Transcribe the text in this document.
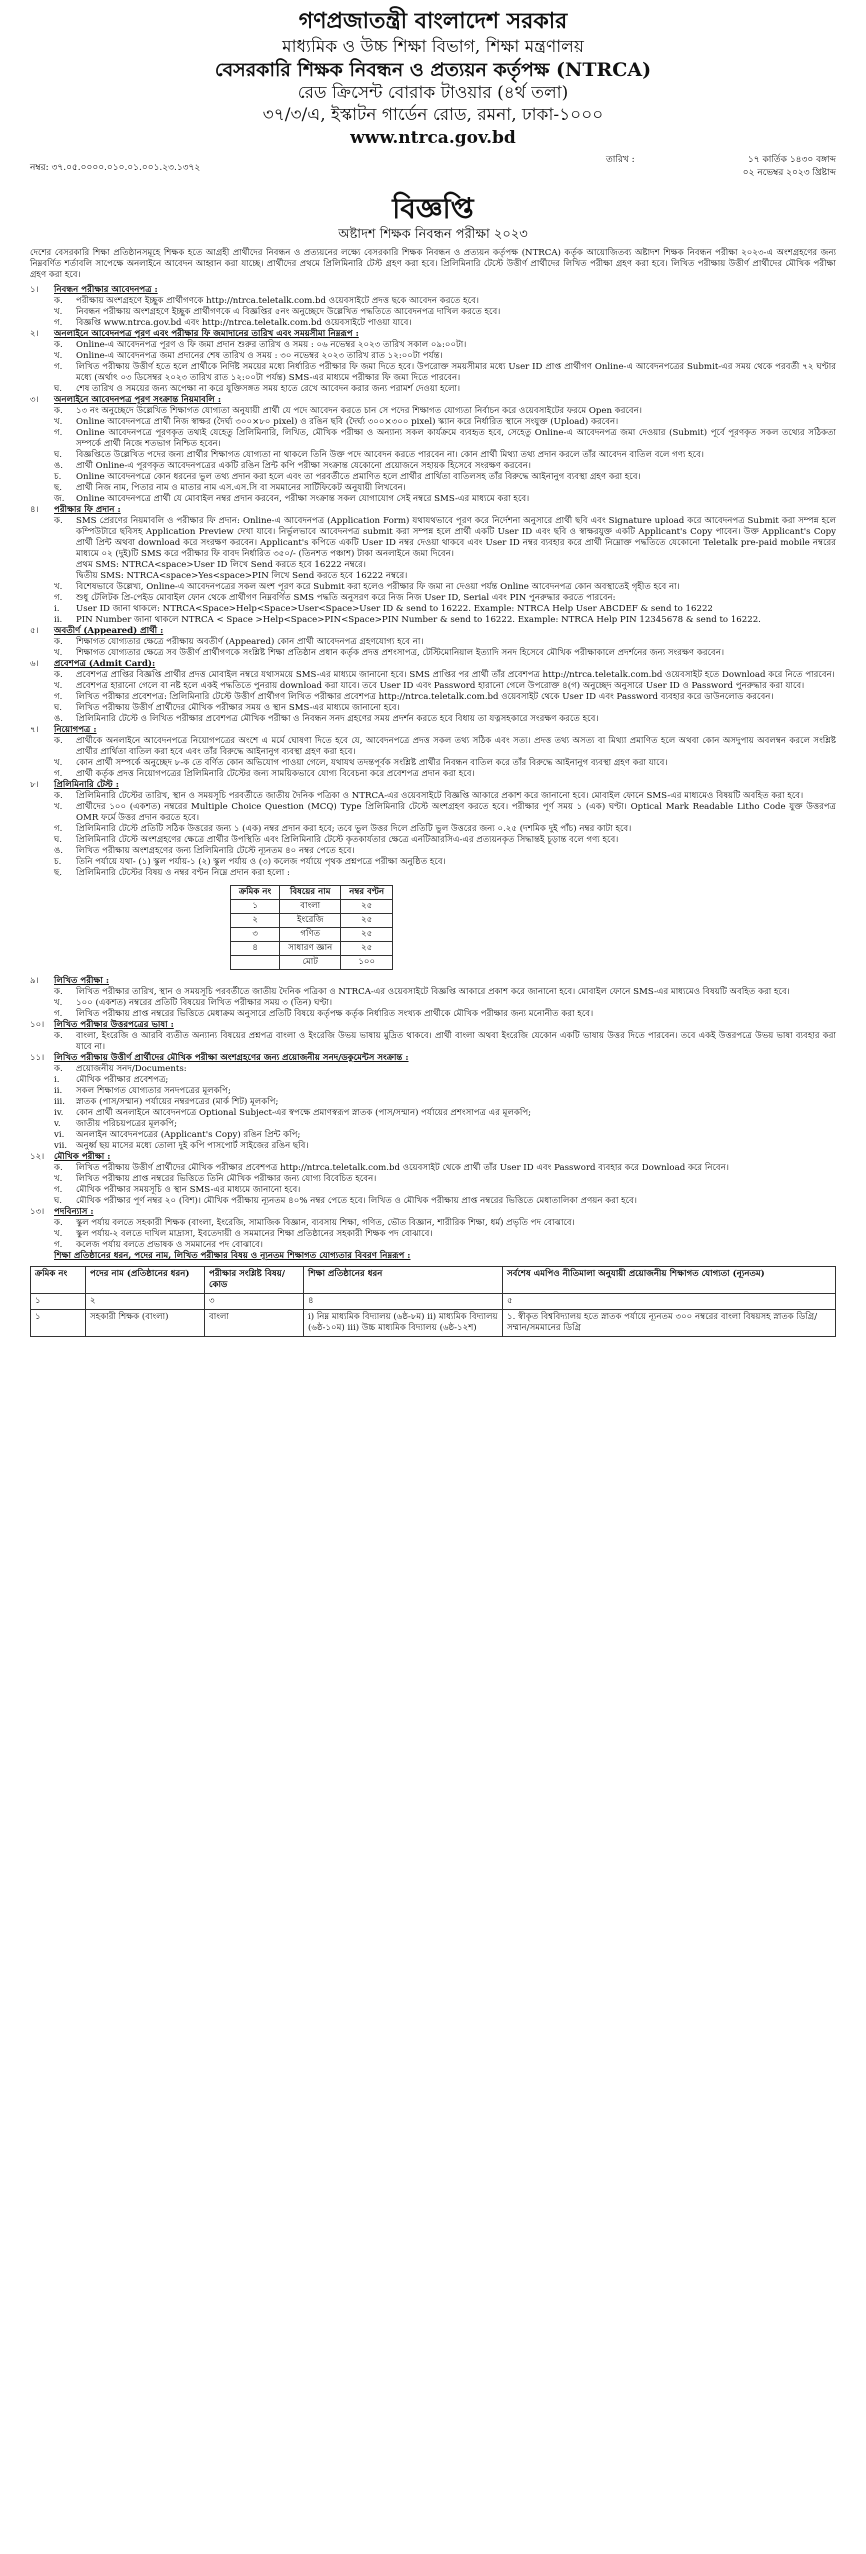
গণপ্রজাতন্ত্রী বাংলাদেশ সরকার
মাধ্যমিক ও উচ্চ শিক্ষা বিভাগ, শিক্ষা মন্ত্রণালয়
বেসরকারি শিক্ষক নিবন্ধন ও প্রত্যয়ন কর্তৃপক্ষ (NTRCA)
রেড ক্রিসেন্ট বোরাক টাওয়ার (৪র্থ তলা)
৩৭/৩/এ, ইস্কাটন গার্ডেন রোড, রমনা, ঢাকা-১০০০
www.ntrca.gov.bd
নম্বর: ৩৭.০৫.০০০০.০১০.০১.০০১.২৩.১৩৭২
তারিখ :	১৭ কার্তিক ১৪৩০ বঙ্গাব্দ
০২ নভেম্বর ২০২৩ খ্রিষ্টাব্দ
বিজ্ঞপ্তি
অষ্টাদশ শিক্ষক নিবন্ধন পরীক্ষা ২০২৩
দেশের বেসরকারি শিক্ষা প্রতিষ্ঠানসমূহে শিক্ষক হতে আগ্রহী প্রার্থীদের নিবন্ধন ও প্রত্যয়নের লক্ষ্যে বেসরকারি শিক্ষক নিবন্ধন ও প্রত্যয়ন কর্তৃপক্ষ (NTRCA) কর্তৃক আয়োজিতব্য অষ্টাদশ শিক্ষক নিবন্ধন পরীক্ষা ২০২৩-এ অংশগ্রহণের জন্য নিম্নবর্ণিত শর্তাবলি সাপেক্ষে অনলাইনে আবেদন আহ্বান করা যাচ্ছে। প্রার্থীদের প্রথমে প্রিলিমিনারি টেস্ট গ্রহণ করা হবে। প্রিলিমিনারি টেস্টে উত্তীর্ণ প্রার্থীদের লিখিত পরীক্ষা গ্রহণ করা হবে। লিখিত পরীক্ষায় উত্তীর্ণ প্রার্থীদের মৌখিক পরীক্ষা গ্রহণ করা হবে।
১।	নিবন্ধন পরীক্ষার আবেদনপত্র :
ক.	পরীক্ষায় অংশগ্রহণে ইচ্ছুক প্রার্থীগণকে http://ntrca.teletalk.com.bd ওয়েবসাইটে প্রদত্ত ছকে আবেদন করতে হবে।
খ.	নিবন্ধন পরীক্ষায় অংশগ্রহণে ইচ্ছুক প্রার্থীগণকে এ বিজ্ঞপ্তির ৫নং অনুচ্ছেদে উল্লেখিত পদ্ধতিতে আবেদনপত্র দাখিল করতে হবে।
গ.	বিজ্ঞপ্তি www.ntrca.gov.bd এবং http://ntrca.teletalk.com.bd ওয়েবসাইটে পাওয়া যাবে।
২।	অনলাইনে আবেদনপত্র পূরণ এবং পরীক্ষার ফি জমাদানের তারিখ এবং সময়সীমা নিম্নরূপ :
ক.	Online-এ আবেদনপত্র পূরণ ও ফি জমা প্রদান শুরুর তারিখ ও সময় : ০৬ নভেম্বর ২০২৩ তারিখ সকাল ০৯:০০টা।
খ.	Online-এ আবেদনপত্র জমা প্রদানের শেষ তারিখ ও সময় : ৩০ নভেম্বর ২০২৩ তারিখ রাত ১২:০০টা পর্যন্ত।
গ.	লিখিত পরীক্ষায় উত্তীর্ণ হতে হলে প্রার্থীকে নির্দিষ্ট সময়ের মধ্যে নির্ধারিত পরীক্ষার ফি জমা দিতে হবে। উপরোক্ত সময়সীমার মধ্যে User ID প্রাপ্ত প্রার্থীগণ Online-এ আবেদনপত্রের Submit-এর সময় থেকে পরবর্তী ৭২ ঘণ্টার মধ্যে (অর্থাৎ ০৩ ডিসেম্বর ২০২৩ তারিখ রাত ১২:০০টা পর্যন্ত) SMS-এর মাধ্যমে পরীক্ষার ফি জমা দিতে পারবেন।
ঘ.	শেষ তারিখ ও সময়ের জন্য অপেক্ষা না করে যুক্তিসঙ্গত সময় হাতে রেখে আবেদন করার জন্য পরামর্শ দেওয়া হলো।
৩।	অনলাইনে আবেদনপত্র পূরণ সংক্রান্ত নিয়মাবলি :
ক.	১৩ নং অনুচ্ছেদে উল্লেখিত শিক্ষাগত যোগ্যতা অনুযায়ী প্রার্থী যে পদে আবেদন করতে চান সে পদের শিক্ষাগত যোগ্যতা নির্বাচন করে ওয়েবসাইটের ফরমে Open করবেন।
খ.	Online আবেদনপত্রে প্রার্থী নিজ স্বাক্ষর (দৈর্ঘ্য ৩০০×৮০ pixel) ও রঙিন ছবি (দৈর্ঘ্য ৩০০×৩০০ pixel) স্ক্যান করে নির্ধারিত স্থানে সংযুক্ত (Upload) করবেন।
গ.	Online আবেদনপত্রে পূরণকৃত তথ্যই যেহেতু প্রিলিমিনারি, লিখিত, মৌখিক পরীক্ষা ও অন্যান্য সকল কার্যক্রমে ব্যবহৃত হবে, সেহেতু Online-এ আবেদনপত্র জমা দেওয়ার (Submit) পূর্বে পূরণকৃত সকল তথ্যের সঠিকতা সম্পর্কে প্রার্থী নিজে শতভাগ নিশ্চিত হবেন।
ঘ.	বিজ্ঞপ্তিতে উল্লেখিত পদের জন্য প্রার্থীর শিক্ষাগত যোগ্যতা না থাকলে তিনি উক্ত পদে আবেদন করতে পারবেন না। কোন প্রার্থী মিথ্যা তথ্য প্রদান করলে তাঁর আবেদন বাতিল বলে গণ্য হবে।
ঙ.	প্রার্থী Online-এ পূরণকৃত আবেদনপত্রের একটি রঙিন প্রিন্ট কপি পরীক্ষা সংক্রান্ত যেকোনো প্রয়োজনে সহায়ক হিসেবে সংরক্ষণ করবেন।
চ.	Online আবেদনপত্রে কোন ধরনের ভুল তথ্য প্রদান করা হলে এবং তা পরবর্তীতে প্রমাণিত হলে প্রার্থীর প্রার্থিতা বাতিলসহ তাঁর বিরুদ্ধে আইনানুগ ব্যবস্থা গ্রহণ করা হবে।
ছ.	প্রার্থী নিজ নাম, পিতার নাম ও মাতার নাম এস.এস.সি বা সমমানের সার্টিফিকেট অনুযায়ী লিখবেন।
জ.	Online আবেদনপত্রে প্রার্থী যে মোবাইল নম্বর প্রদান করবেন, পরীক্ষা সংক্রান্ত সকল যোগাযোগ সেই নম্বরে SMS-এর মাধ্যমে করা হবে।
৪।	পরীক্ষার ফি প্রদান :
ক.	SMS প্রেরণের নিয়মাবলি ও পরীক্ষার ফি প্রদান: Online-এ আবেদনপত্র (Application Form) যথাযথভাবে পূরণ করে নির্দেশনা অনুসারে প্রার্থী ছবি এবং Signature upload করে আবেদনপত্র Submit করা সম্পন্ন হলে কম্পিউটারে ছবিসহ Application Preview দেখা যাবে। নির্ভুলভাবে আবেদনপত্র submit করা সম্পন্ন হলে প্রার্থী একটি User ID এবং ছবি ও স্বাক্ষরযুক্ত একটি Applicant's Copy পাবেন। উক্ত Applicant's Copy প্রার্থী প্রিন্ট অথবা download করে সংরক্ষণ করবেন। Applicant's কপিতে একটি User ID নম্বর দেওয়া থাকবে এবং User ID নম্বর ব্যবহার করে প্রার্থী নিম্নোক্ত পদ্ধতিতে যেকোনো Teletalk pre-paid mobile নম্বরের মাধ্যমে ০২ (দুই)টি SMS করে পরীক্ষার ফি বাবদ নির্ধারিত ৩৫০/- (তিনশত পঞ্চাশ) টাকা অনলাইনে জমা দিবেন।
প্রথম SMS: NTRCA<space>User ID লিখে Send করতে হবে 16222 নম্বরে।
দ্বিতীয় SMS: NTRCA<space>Yes<space>PIN লিখে Send করতে হবে 16222 নম্বরে।
খ.	বিশেষভাবে উল্লেখ্য, Online-এ আবেদনপত্রের সকল অংশ পূরণ করে Submit করা হলেও পরীক্ষার ফি জমা না দেওয়া পর্যন্ত Online আবেদনপত্র কোন অবস্থাতেই গৃহীত হবে না।
গ.	শুধু টেলিটক প্রি-পেইড মোবাইল ফোন থেকে প্রার্থীগণ নিম্নবর্ণিত SMS পদ্ধতি অনুসরণ করে নিজ নিজ User ID, Serial এবং PIN পুনরুদ্ধার করতে পারবেন:
i.	User ID জানা থাকলে: NTRCA<Space>Help<Space>User<Space>User ID & send to 16222. Example: NTRCA Help User ABCDEF & send to 16222
ii.	PIN Number জানা থাকলে NTRCA < Space >Help<Space>PIN<Space>PIN Number & send to 16222. Example: NTRCA Help PIN 12345678 & send to 16222.
৫।	অবতীর্ণ (Appeared) প্রার্থী :
ক.	শিক্ষাগত যোগ্যতার ক্ষেত্রে পরীক্ষায় অবতীর্ণ (Appeared) কোন প্রার্থী আবেদনপত্র গ্রহণযোগ্য হবে না।
খ.	শিক্ষাগত যোগ্যতার ক্ষেত্রে সব উত্তীর্ণ প্রার্থীগণকে সংশ্লিষ্ট শিক্ষা প্রতিষ্ঠান প্রধান কর্তৃক প্রদত্ত প্রশংসাপত্র, টেস্টিমোনিয়াল ইত্যাদি সনদ হিসেবে মৌখিক পরীক্ষাকালে প্রদর্শনের জন্য সংরক্ষণ করবেন।
৬।	প্রবেশপত্র (Admit Card):
ক.	প্রবেশপত্র প্রাপ্তির বিজ্ঞপ্তি প্রার্থীর প্রদত্ত মোবাইল নম্বরে যথাসময়ে SMS-এর মাধ্যমে জানানো হবে। SMS প্রাপ্তির পর প্রার্থী তাঁর প্রবেশপত্র http://ntrca.teletalk.com.bd ওয়েবসাইট হতে Download করে নিতে পারবেন।
খ.	প্রবেশপত্র হারানো গেলে বা নষ্ট হলে একই পদ্ধতিতে পুনরায় download করা যাবে। তবে User ID এবং Password হারানো গেলে উপরোক্ত ৪(গ) অনুচ্ছেদ অনুসারে User ID ও Password পুনরুদ্ধার করা যাবে।
গ.	লিখিত পরীক্ষার প্রবেশপত্র: প্রিলিমিনারি টেস্টে উত্তীর্ণ প্রার্থীগণ লিখিত পরীক্ষার প্রবেশপত্র http://ntrca.teletalk.com.bd ওয়েবসাইট থেকে User ID এবং Password ব্যবহার করে ডাউনলোড করবেন।
ঘ.	লিখিত পরীক্ষায় উত্তীর্ণ প্রার্থীদের মৌখিক পরীক্ষার সময় ও স্থান SMS-এর মাধ্যমে জানানো হবে।
ঙ.	প্রিলিমিনারি টেস্টে ও লিখিত পরীক্ষার প্রবেশপত্র মৌখিক পরীক্ষা ও নিবন্ধন সনদ গ্রহণের সময় প্রদর্শন করতে হবে বিধায় তা যত্নসহকারে সংরক্ষণ করতে হবে।
৭।	নিয়োগপত্র :
ক.	প্রার্থীকে অনলাইনে আবেদনপত্রে নিয়োগপত্রের অংশে এ মর্মে ঘোষণা দিতে হবে যে, আবেদনপত্রে প্রদত্ত সকল তথ্য সঠিক এবং সত্য। প্রদত্ত তথ্য অসত্য বা মিথ্যা প্রমাণিত হলে অথবা কোন অসদুপায় অবলম্বন করলে সংশ্লিষ্ট প্রার্থীর প্রার্থিতা বাতিল করা হবে এবং তাঁর বিরুদ্ধে আইনানুগ ব্যবস্থা গ্রহণ করা হবে।
খ.	কোন প্রার্থী সম্পর্কে অনুচ্ছেদ ৮-ক তে বর্ণিত কোন অভিযোগ পাওয়া গেলে, যথাযথ তদন্তপূর্বক সংশ্লিষ্ট প্রার্থীর নিবন্ধন বাতিল করে তাঁর বিরুদ্ধে আইনানুগ ব্যবস্থা গ্রহণ করা যাবে।
গ.	প্রার্থী কর্তৃক প্রদত্ত নিয়োগপত্রের প্রিলিমিনারি টেস্টের জন্য সাময়িকভাবে যোগ্য বিবেচনা করে প্রবেশপত্র প্রদান করা হবে।
৮।	প্রিলিমিনারি টেস্ট :
ক.	প্রিলিমিনারি টেস্টের তারিখ, স্থান ও সময়সূচি পরবর্তীতে জাতীয় দৈনিক পত্রিকা ও NTRCA-এর ওয়েবসাইটে বিজ্ঞপ্তি আকারে প্রকাশ করে জানানো হবে। মোবাইল ফোনে SMS-এর মাধ্যমেও বিষয়টি অবহিত করা হবে।
খ.	প্রার্থীদের ১০০ (একশত) নম্বরের Multiple Choice Question (MCQ) Type প্রিলিমিনারি টেস্টে অংশগ্রহণ করতে হবে। পরীক্ষার পূর্ণ সময় ১ (এক) ঘণ্টা। Optical Mark Readable Litho Code যুক্ত উত্তরপত্র OMR ফর্মে উত্তর প্রদান করতে হবে।
গ.	প্রিলিমিনারি টেস্টে প্রতিটি সঠিক উত্তরের জন্য ১ (এক) নম্বর প্রদান করা হবে; তবে ভুল উত্তর দিলে প্রতিটি ভুল উত্তরের জন্য ০.২৫ (দশমিক দুই পাঁচ) নম্বর কাটা হবে।
ঘ.	প্রিলিমিনারি টেস্টে অংশগ্রহণের ক্ষেত্রে প্রার্থীর উপস্থিতি এবং প্রিলিমিনারি টেস্টে কৃতকার্যতার ক্ষেত্রে এনটিআরসিএ-এর প্রত্যয়নকৃত সিদ্ধান্তই চূড়ান্ত বলে গণ্য হবে।
ঙ.	লিখিত পরীক্ষায় অংশগ্রহণের জন্য প্রিলিমিনারি টেস্টে ন্যূনতম ৪০ নম্বর পেতে হবে।
চ.	তিনি পর্যায়ে যথা- (১) স্কুল পর্যায়-১ (২) স্কুল পর্যায় ও (৩) কলেজ পর্যায়ে পৃথক প্রশ্নপত্রে পরীক্ষা অনুষ্ঠিত হবে।
ছ.	প্রিলিমিনারি টেস্টের বিষয় ও নম্বর বণ্টন নিম্নে প্রদান করা হলো :
ক্রমিক নং	বিষয়ের নাম	নম্বর বণ্টন
১	বাংলা	২৫
২	ইংরেজি	২৫
৩	গণিত	২৫
৪	সাধারণ জ্ঞান	২৫
	মোট	১০০
৯।	লিখিত পরীক্ষা :
ক.	লিখিত পরীক্ষার তারিখ, স্থান ও সময়সূচি পরবর্তীতে জাতীয় দৈনিক পত্রিকা ও NTRCA-এর ওয়েবসাইটে বিজ্ঞপ্তি আকারে প্রকাশ করে জানানো হবে। মোবাইল ফোনে SMS-এর মাধ্যমেও বিষয়টি অবহিত করা হবে।
খ.	১০০ (একশত) নম্বরের প্রতিটি বিষয়ের লিখিত পরীক্ষার সময় ৩ (তিন) ঘণ্টা।
গ.	লিখিত পরীক্ষায় প্রাপ্ত নম্বরের ভিত্তিতে মেধাক্রম অনুসারে প্রতিটি বিষয়ে কর্তৃপক্ষ কর্তৃক নির্ধারিত সংখ্যক প্রার্থীকে মৌখিক পরীক্ষার জন্য মনোনীত করা হবে।
১০।	লিখিত পরীক্ষার উত্তরপত্রের ভাষা :
ক.	বাংলা, ইংরেজি ও আরবি ব্যতীত অন্যান্য বিষয়ের প্রশ্নপত্র বাংলা ও ইংরেজি উভয় ভাষায় মুদ্রিত থাকবে। প্রার্থী বাংলা অথবা ইংরেজি যেকোন একটি ভাষায় উত্তর দিতে পারবেন। তবে একই উত্তরপত্রে উভয় ভাষা ব্যবহার করা যাবে না।
১১।	লিখিত পরীক্ষায় উত্তীর্ণ প্রার্থীদের মৌখিক পরীক্ষা অংশগ্রহণের জন্য প্রয়োজনীয় সনদ/ডকুমেন্টস সংক্রান্ত :
ক.	প্রয়োজনীয় সনদ/Documents:
i.	মৌখিক পরীক্ষার প্রবেশপত্র;
ii.	সকল শিক্ষাগত যোগ্যতার সনদপত্রের মূলকপি;
iii.	স্নাতক (পাস/সম্মান) পর্যায়ের নম্বরপত্রের (মার্ক শিট) মূলকপি;
iv.	কোন প্রার্থী অনলাইনে আবেদনপত্রে Optional Subject-এর স্বপক্ষে প্রমাণস্বরূপ স্নাতক (পাস/সম্মান) পর্যায়ের প্রশংসাপত্র এর মূলকপি;
v.	জাতীয় পরিচয়পত্রের মূলকপি;
vi.	অনলাইন আবেদনপত্রের (Applicant's Copy) রঙিন প্রিন্ট কপি;
vii.	অনুর্ধ্ব ছয় মাসের মধ্যে তোলা দুই কপি পাসপোর্ট সাইজের রঙিন ছবি।
১২।	মৌখিক পরীক্ষা :
ক.	লিখিত পরীক্ষায় উত্তীর্ণ প্রার্থীদের মৌখিক পরীক্ষার প্রবেশপত্র http://ntrca.teletalk.com.bd ওয়েবসাইট থেকে প্রার্থী তাঁর User ID এবং Password ব্যবহার করে Download করে নিবেন।
খ.	লিখিত পরীক্ষায় প্রাপ্ত নম্বরের ভিত্তিতে তিনি মৌখিক পরীক্ষার জন্য যোগ্য বিবেচিত হবেন।
গ.	মৌখিক পরীক্ষার সময়সূচি ও স্থান SMS-এর মাধ্যমে জানানো হবে।
ঘ.	মৌখিক পরীক্ষার পূর্ণ নম্বর ২০ (বিশ)। মৌখিক পরীক্ষায় ন্যূনতম ৪০% নম্বর পেতে হবে। লিখিত ও মৌখিক পরীক্ষায় প্রাপ্ত নম্বরের ভিত্তিতে মেধাতালিকা প্রণয়ন করা হবে।
১৩।	পদবিন্যাস :
ক.	স্কুল পর্যায় বলতে সহকারী শিক্ষক (বাংলা, ইংরেজি, সামাজিক বিজ্ঞান, ব্যবসায় শিক্ষা, গণিত, ভৌত বিজ্ঞান, শারীরিক শিক্ষা, ধর্ম) প্রভৃতি পদ বোঝাবে।
খ.	স্কুল পর্যায়-২ বলতে দাখিল মাদ্রাসা, ইবতেদায়ী ও সমমানের শিক্ষা প্রতিষ্ঠানের সহকারী শিক্ষক পদ বোঝাবে।
গ.	কলেজ পর্যায় বলতে প্রভাষক ও সমমানের পদ বোঝাবে।
শিক্ষা প্রতিষ্ঠানের ধরন, পদের নাম, লিখিত পরীক্ষার বিষয় ও ন্যূনতম শিক্ষাগত যোগ্যতার বিবরণ নিম্নরূপ :
ক্রমিক নং	পদের নাম (প্রতিষ্ঠানের ধরন)	পরীক্ষার সংশ্লিষ্ট বিষয়/কোড	শিক্ষা প্রতিষ্ঠানের ধরন	সর্বশেষ এমপিও নীতিমালা অনুযায়ী প্রয়োজনীয় শিক্ষাগত যোগ্যতা (ন্যূনতম)
১	২	৩	৪	৫
১	সহকারী শিক্ষক (বাংলা)	বাংলা	i) নিম্ন মাধ্যমিক বিদ্যালয় (৬ষ্ঠ-৮ম) ii) মাধ্যমিক বিদ্যালয় (৬ষ্ঠ-১০ম) iii) উচ্চ মাধ্যমিক বিদ্যালয় (৬ষ্ঠ-১২শ)	১. স্বীকৃত বিশ্ববিদ্যালয় হতে স্নাতক পর্যায়ে ন্যূনতম ৩০০ নম্বরের বাংলা বিষয়সহ স্নাতক ডিগ্রি/সম্মান/সমমানের ডিগ্রি
